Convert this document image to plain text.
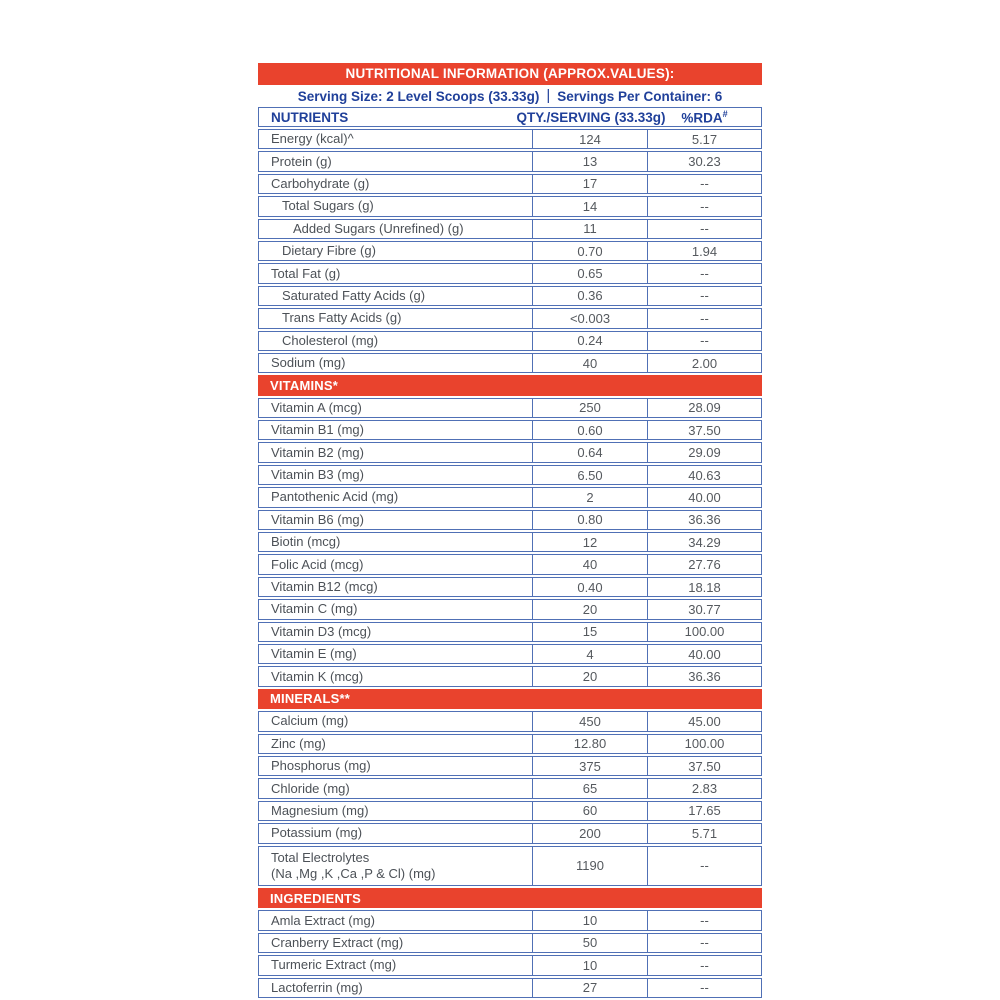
NUTRITIONAL INFORMATION (APPROX.VALUES):
Serving Size: 2 Level Scoops (33.33g) | Servings Per Container: 6
NUTRIENTS	QTY./SERVING (33.33g)	%RDA#
Energy (kcal)^	124	5.17
Protein (g)	13	30.23
Carbohydrate (g)	17	--
Total Sugars (g)	14	--
Added Sugars (Unrefined) (g)	11	--
Dietary Fibre (g)	0.70	1.94
Total Fat (g)	0.65	--
Saturated Fatty Acids (g)	0.36	--
Trans Fatty Acids (g)	<0.003	--
Cholesterol (mg)	0.24	--
Sodium (mg)	40	2.00
VITAMINS*
Vitamin A (mcg)	250	28.09
Vitamin B1 (mg)	0.60	37.50
Vitamin B2 (mg)	0.64	29.09
Vitamin B3 (mg)	6.50	40.63
Pantothenic Acid (mg)	2	40.00
Vitamin B6 (mg)	0.80	36.36
Biotin (mcg)	12	34.29
Folic Acid (mcg)	40	27.76
Vitamin B12 (mcg)	0.40	18.18
Vitamin C (mg)	20	30.77
Vitamin D3 (mcg)	15	100.00
Vitamin E (mg)	4	40.00
Vitamin K (mcg)	20	36.36
MINERALS**
Calcium (mg)	450	45.00
Zinc (mg)	12.80	100.00
Phosphorus (mg)	375	37.50
Chloride (mg)	65	2.83
Magnesium (mg)	60	17.65
Potassium (mg)	200	5.71
Total Electrolytes
(Na ,Mg ,K ,Ca ,P & Cl) (mg)	1190	--
INGREDIENTS
Amla Extract (mg)	10	--
Cranberry Extract (mg)	50	--
Turmeric Extract (mg)	10	--
Lactoferrin (mg)	27	--
